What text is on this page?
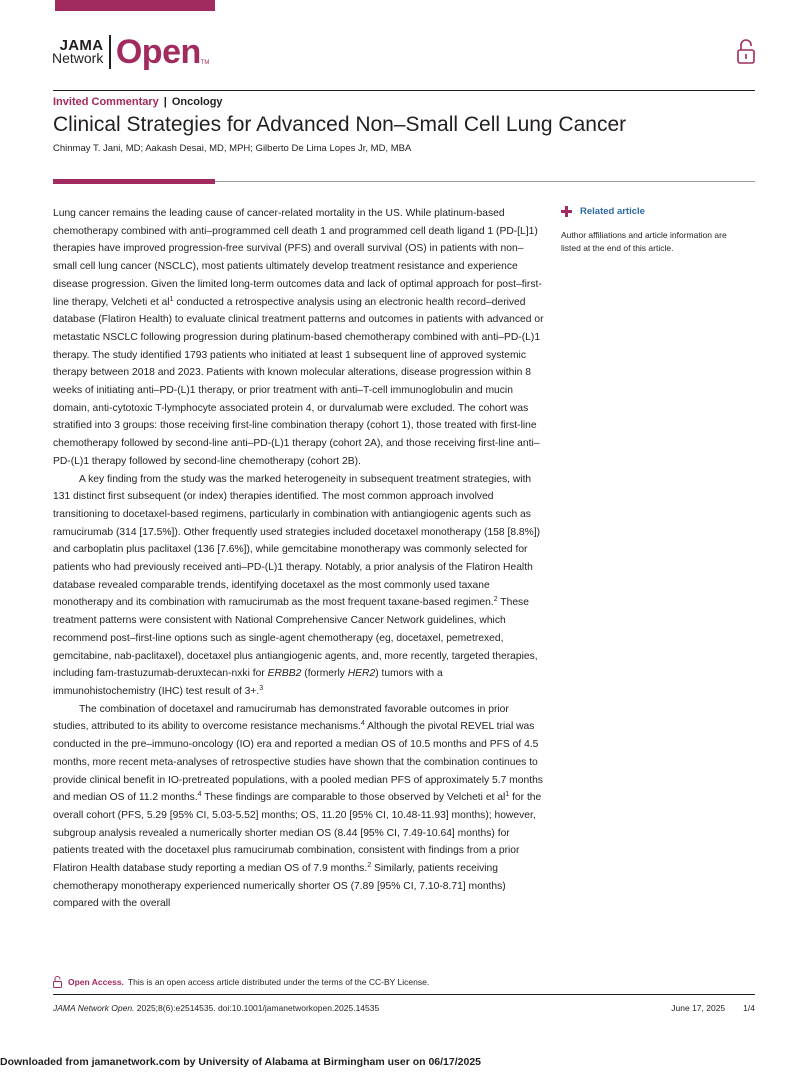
JAMA
Network Open TM
Invited Commentary | Oncology
Clinical Strategies for Advanced Non–Small Cell Lung Cancer
Chinmay T. Jani, MD; Aakash Desai, MD, MPH; Gilberto De Lima Lopes Jr, MD, MBA

Lung cancer remains the leading cause of cancer-related mortality in the US. While platinum-based chemotherapy combined with anti–programmed cell death 1 and programmed cell death ligand 1 (PD-[L]1) therapies have improved progression-free survival (PFS) and overall survival (OS) in patients with non–small cell lung cancer (NSCLC), most patients ultimately develop treatment resistance and experience disease progression. Given the limited long-term outcomes data and lack of optimal approach for post–first-line therapy, Velcheti et $al^1$ conducted a retrospective analysis using an electronic health record–derived database (Flatiron Health) to evaluate clinical treatment patterns and outcomes in patients with advanced or metastatic NSCLC following progression during platinum-based chemotherapy combined with anti–PD-(L)1 therapy. The study identified 1793 patients who initiated at least 1 subsequent line of approved systemic therapy between 2018 and 2023. Patients with known molecular alterations, disease progression within 8 weeks of initiating anti–PD-(L)1 therapy, or prior treatment with anti–T-cell immunoglobulin and mucin domain, anti-cytotoxic T-lymphocyte associated protein 4, or durvalumab were excluded. The cohort was stratified into 3 groups: those receiving first-line combination therapy (cohort 1), those treated with first-line chemotherapy followed by second-line anti–PD-(L)1 therapy (cohort 2A), and those receiving first-line anti–PD-(L)1 therapy followed by second-line chemotherapy (cohort 2B).

A key finding from the study was the marked heterogeneity in subsequent treatment strategies, with 131 distinct first subsequent (or index) therapies identified. The most common approach involved transitioning to docetaxel-based regimens, particularly in combination with antiangiogenic agents such as ramucirumab (314 [17.5%]). Other frequently used strategies included docetaxel monotherapy (158 [8.8%]) and carboplatin plus paclitaxel (136 [7.6%]), while gemcitabine monotherapy was commonly selected for patients who had previously received anti–PD-(L)1 therapy. Notably, a prior analysis of the Flatiron Health database revealed comparable trends, identifying docetaxel as the most commonly used taxane monotherapy and its combination with ramucirumab as the most frequent taxane-based regimen.$^2$ These treatment patterns were consistent with National Comprehensive Cancer Network guidelines, which recommend post–first-line options such as single-agent chemotherapy (eg, docetaxel, pemetrexed, gemcitabine, nab-paclitaxel), docetaxel plus antiangiogenic agents, and, more recently, targeted therapies, including fam-trastuzumab-deruxtecan-nxki for ERBB2 (formerly HER2) tumors with a immunohistochemistry (IHC) test result of 3+.$^3$

The combination of docetaxel and ramucirumab has demonstrated favorable outcomes in prior studies, attributed to its ability to overcome resistance mechanisms.$^4$ Although the pivotal REVEL trial was conducted in the pre–immuno-oncology (IO) era and reported a median OS of 10.5 months and PFS of 4.5 months, more recent meta-analyses of retrospective studies have shown that the combination continues to provide clinical benefit in IO-pretreated populations, with a pooled median PFS of approximately 5.7 months and median OS of 11.2 months.$^4$ These findings are comparable to those observed by Velcheti et $al^1$ for the overall cohort (PFS, 5.29 [95% CI, 5.03-5.52] months; OS, 11.20 [95% CI, 10.48-11.93] months); however, subgroup analysis revealed a numerically shorter median OS (8.44 [95% CI, 7.49-10.64] months) for patients treated with the docetaxel plus ramucirumab combination, consistent with findings from a prior Flatiron Health database study reporting a median OS of 7.9 months.$^2$ Similarly, patients receiving chemotherapy monotherapy experienced numerically shorter OS (7.89 [95% CI, 7.10-8.71] months) compared with the overall

Related article
Author affiliations and article information are listed at the end of this article.
Open Access. This is an open access article distributed under the terms of the CC-BY License.
JAMA Network Open. 2025;8(6):e2514535. doi:10.1001/jamanetworkopen.2025.14535	June 17, 2025 1/4
Downloaded from jamanetwork.com by University of Alabama at Birmingham user on 06/17/2025
